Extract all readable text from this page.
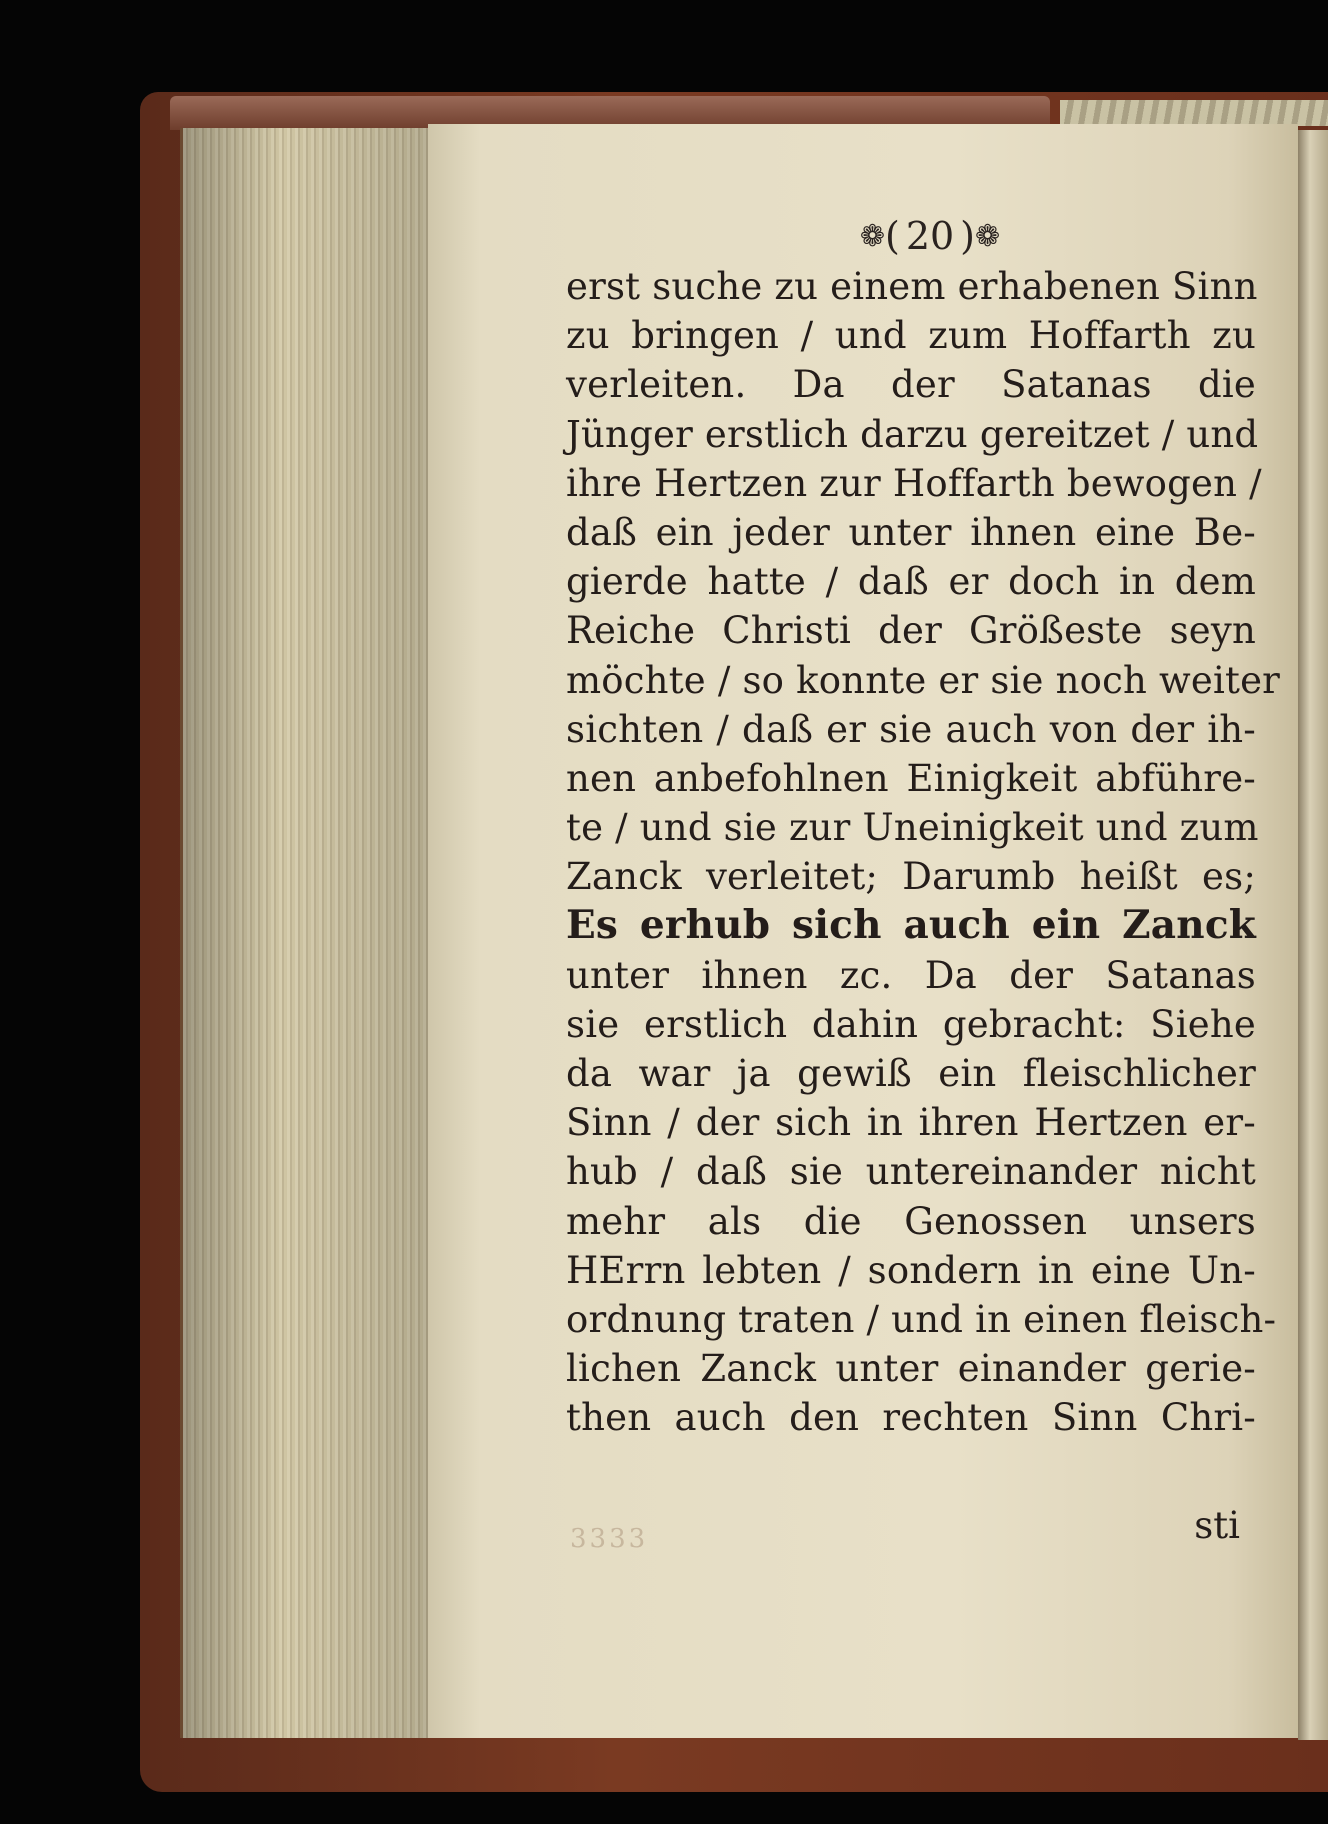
❁ ( 20 ) ❁
erst suche zu einem erhabenen Sinn
zu bringen / und zum Hoffarth zu
verleiten. Da der Satanas die
Jünger erstlich darzu gereitzet / und
ihre Hertzen zur Hoffarth bewogen /
daß ein jeder unter ihnen eine Be-
gierde hatte / daß er doch in dem
Reiche Christi der Größeste seyn
möchte / so konnte er sie noch weiter
sichten / daß er sie auch von der ih-
nen anbefohlnen Einigkeit abführe-
te / und sie zur Uneinigkeit und zum
Zanck verleitet; Darumb heißt es;
Es erhub sich auch ein Zanck
unter ihnen zc. Da der Satanas
sie erstlich dahin gebracht: Siehe
da war ja gewiß ein fleischlicher
Sinn / der sich in ihren Hertzen er-
hub / daß sie untereinander nicht
mehr als die Genossen unsers
HErrn lebten / sondern in eine Un-
ordnung traten / und in einen fleisch-
lichen Zanck unter einander gerie-
then auch den rechten Sinn Chri-
sti
3333
